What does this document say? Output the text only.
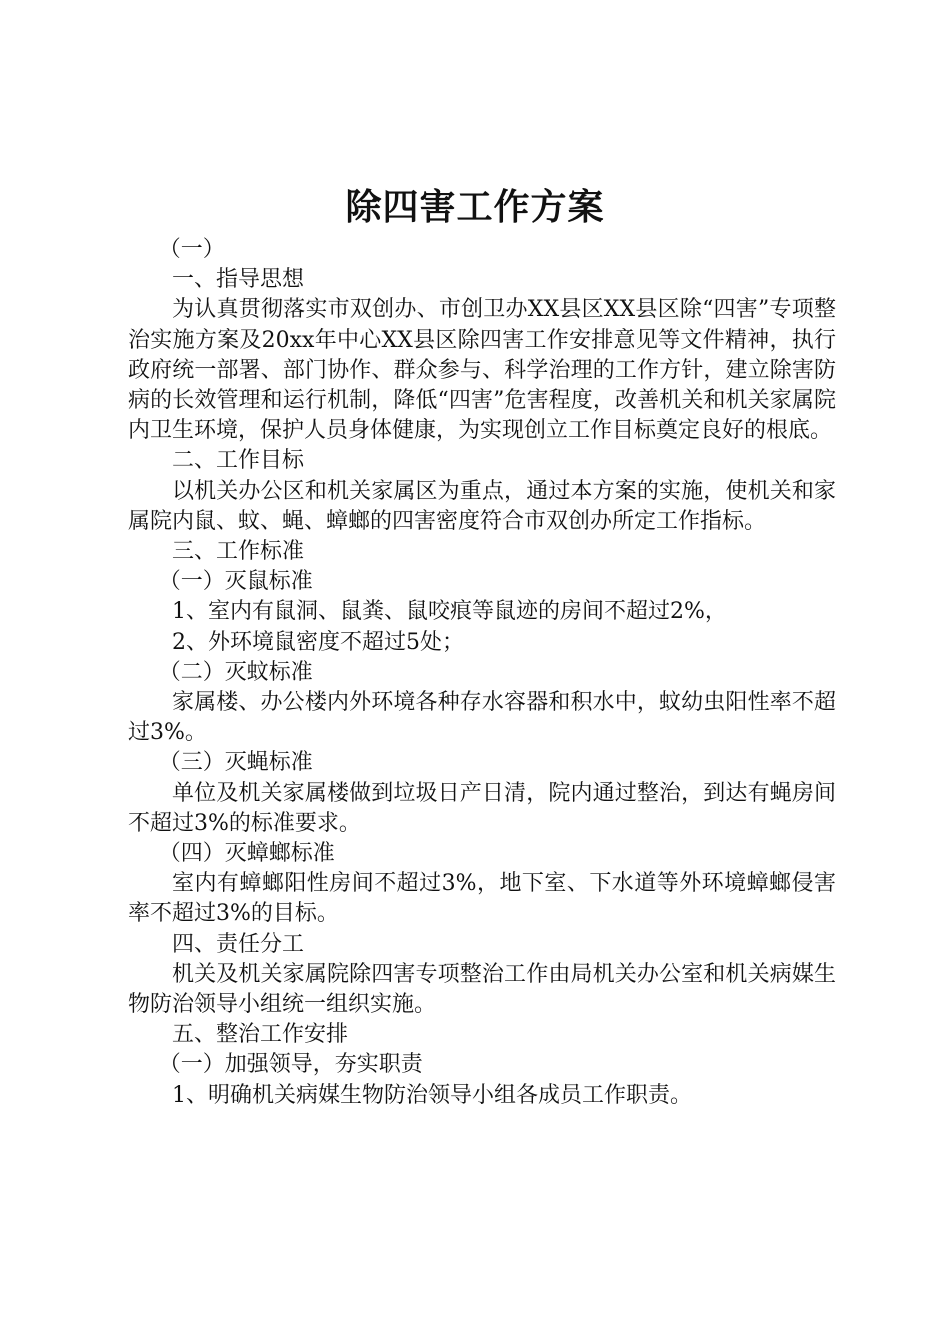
除四害工作方案

（一）

一、指导思想

为认真贯彻落实市双创办、市创卫办XX县区XX县区除“四害”专项整治实施方案及20xx年中心XX县区除四害工作安排意见等文件精神，执行政府统一部署、部门协作、群众参与、科学治理的工作方针，建立除害防病的长效管理和运行机制，降低“四害”危害程度，改善机关和机关家属院内卫生环境，保护人员身体健康，为实现创立工作目标奠定良好的根底。

二、工作目标

以机关办公区和机关家属区为重点，通过本方案的实施，使机关和家属院内鼠、蚊、蝇、蟑螂的四害密度符合市双创办所定工作指标。

三、工作标准

（一）灭鼠标准

1、室内有鼠洞、鼠粪、鼠咬痕等鼠迹的房间不超过2%，

2、外环境鼠密度不超过5处；

（二）灭蚊标准

家属楼、办公楼内外环境各种存水容器和积水中，蚊幼虫阳性率不超过3%。

（三）灭蝇标准

单位及机关家属楼做到垃圾日产日清，院内通过整治，到达有蝇房间不超过3%的标准要求。

（四）灭蟑螂标准

室内有蟑螂阳性房间不超过3%，地下室、下水道等外环境蟑螂侵害率不超过3%的目标。

四、责任分工

机关及机关家属院除四害专项整治工作由局机关办公室和机关病媒生物防治领导小组统一组织实施。

五、整治工作安排

（一）加强领导，夯实职责

1、明确机关病媒生物防治领导小组各成员工作职责。
